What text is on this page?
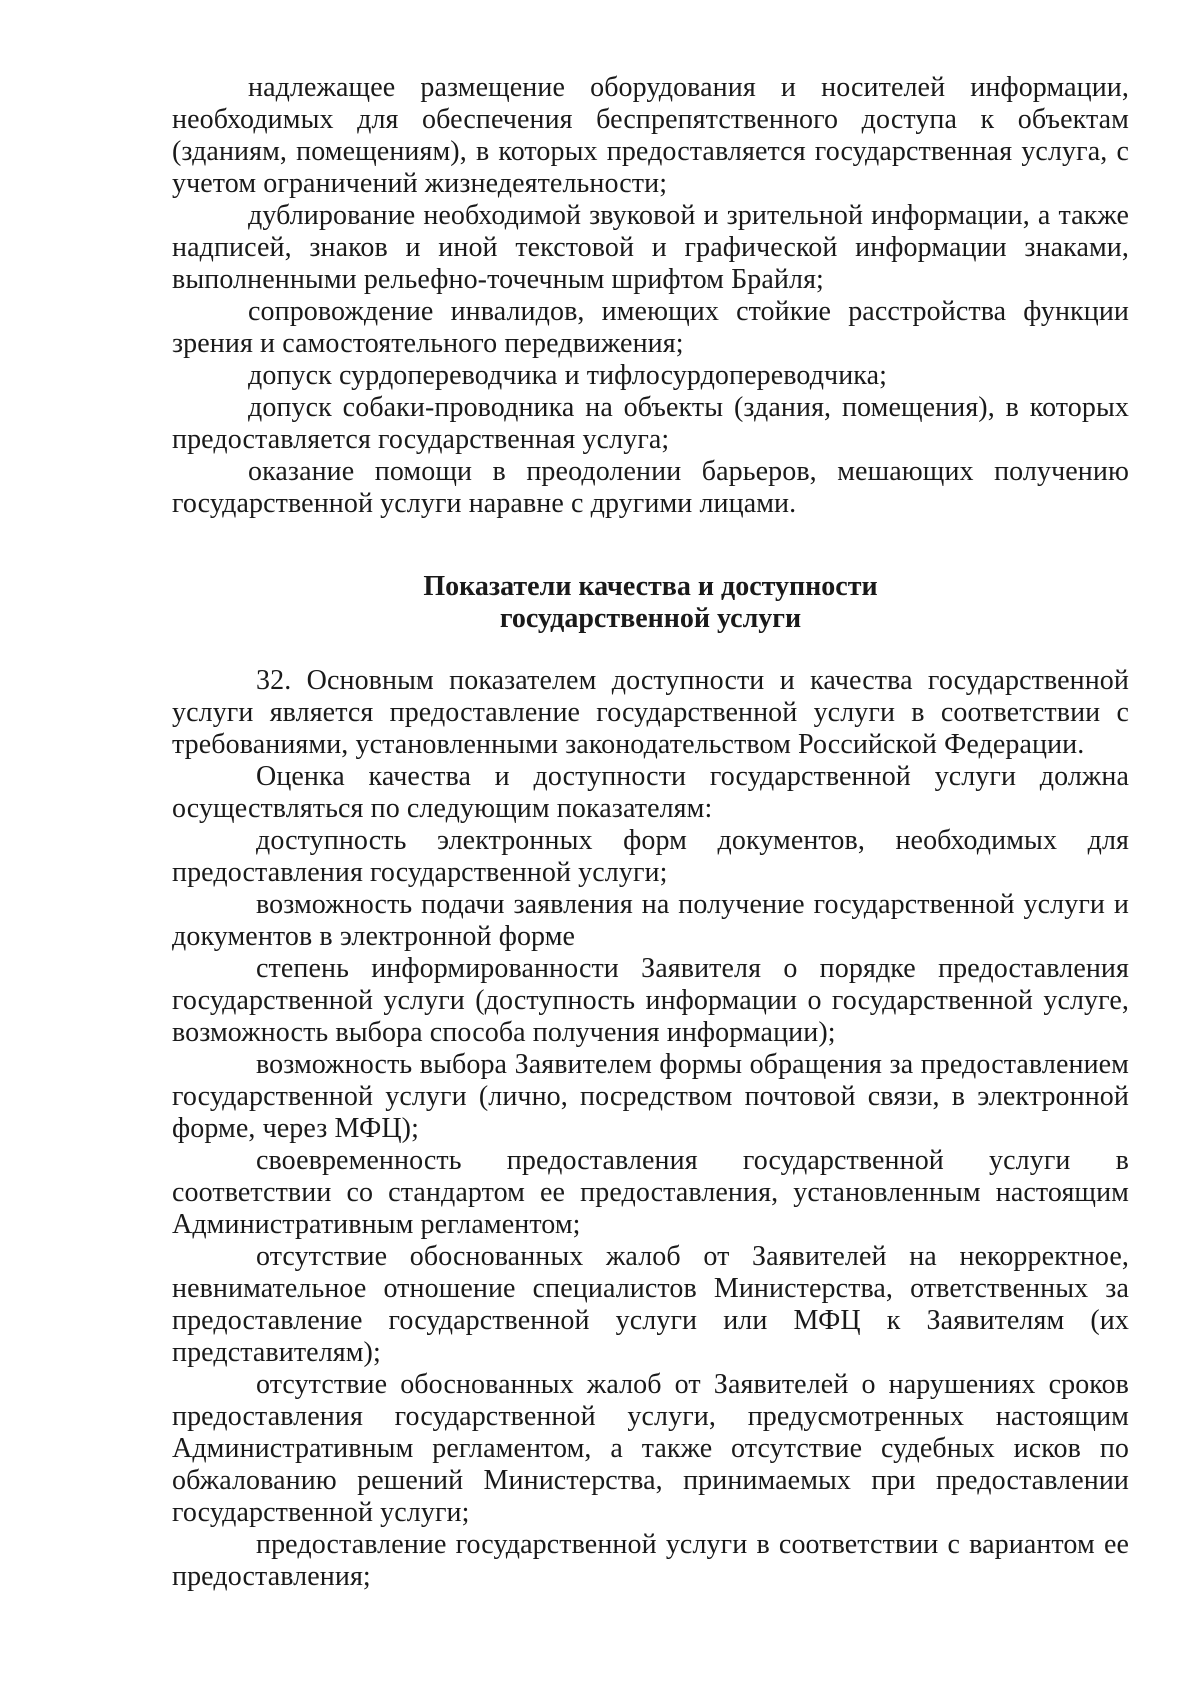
надлежащее размещение оборудования и носителей информации, необходимых для обеспечения беспрепятственного доступа к объектам (зданиям, помещениям), в которых предоставляется государственная услуга, с учетом ограничений жизнедеятельности;

дублирование необходимой звуковой и зрительной информации, а также надписей, знаков и иной текстовой и графической информации знаками, выполненными рельефно-точечным шрифтом Брайля;

сопровождение инвалидов, имеющих стойкие расстройства функции зрения и самостоятельного передвижения;

допуск сурдопереводчика и тифлосурдопереводчика;

допуск собаки-проводника на объекты (здания, помещения), в которых предоставляется государственная услуга;

оказание помощи в преодолении барьеров, мешающих получению государственной услуги наравне с другими лицами.

Показатели качества и доступности
государственной услуги

32. Основным показателем доступности и качества государственной услуги является предоставление государственной услуги в соответствии с требованиями, установленными законодательством Российской Федерации.

Оценка качества и доступности государственной услуги должна осуществляться по следующим показателям:

доступность электронных форм документов, необходимых для предоставления государственной услуги;

возможность подачи заявления на получение государственной услуги и документов в электронной форме

степень информированности Заявителя о порядке предоставления государственной услуги (доступность информации о государственной услуге, возможность выбора способа получения информации);

возможность выбора Заявителем формы обращения за предоставлением государственной услуги (лично, посредством почтовой связи, в электронной форме, через МФЦ);

своевременность предоставления государственной услуги в соответствии со стандартом ее предоставления, установленным настоящим Административным регламентом;

отсутствие обоснованных жалоб от Заявителей на некорректное, невнимательное отношение специалистов Министерства, ответственных за предоставление государственной услуги или МФЦ к Заявителям (их представителям);

отсутствие обоснованных жалоб от Заявителей о нарушениях сроков предоставления государственной услуги, предусмотренных настоящим Административным регламентом, а также отсутствие судебных исков по обжалованию решений Министерства, принимаемых при предоставлении государственной услуги;

предоставление государственной услуги в соответствии с вариантом ее предоставления;
